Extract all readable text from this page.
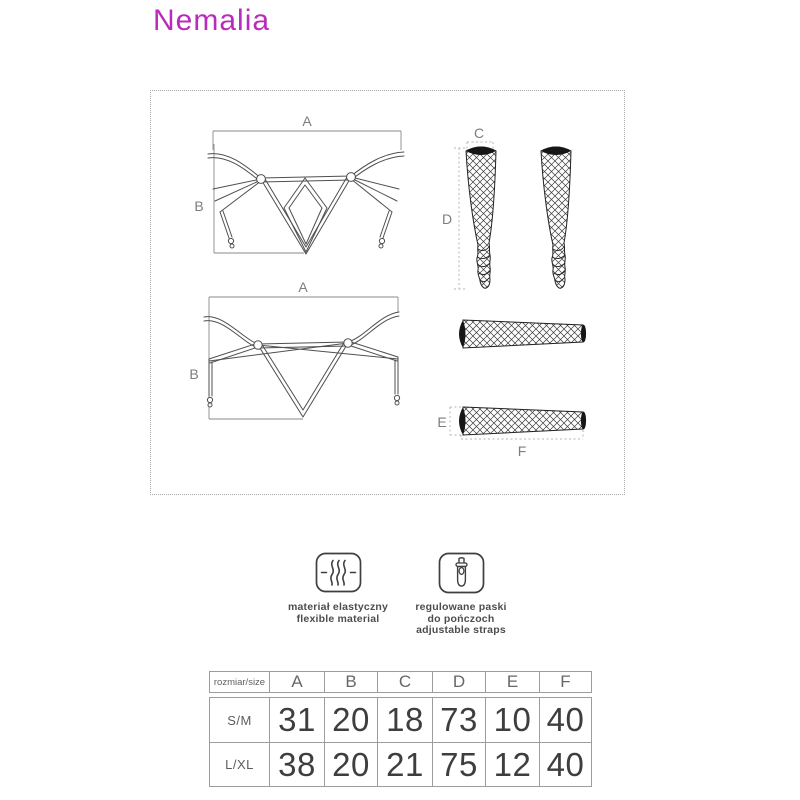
Nemalia
A
B
A
B
C
D
E
F
materiał elastyczny
flexible material
regulowane paski
do pończoch
adjustable straps
rozmiar/size	A	B	C	D	E	F
S/M 31 20 18 73 10 40
L/XL 38 20 21 75 12 40
